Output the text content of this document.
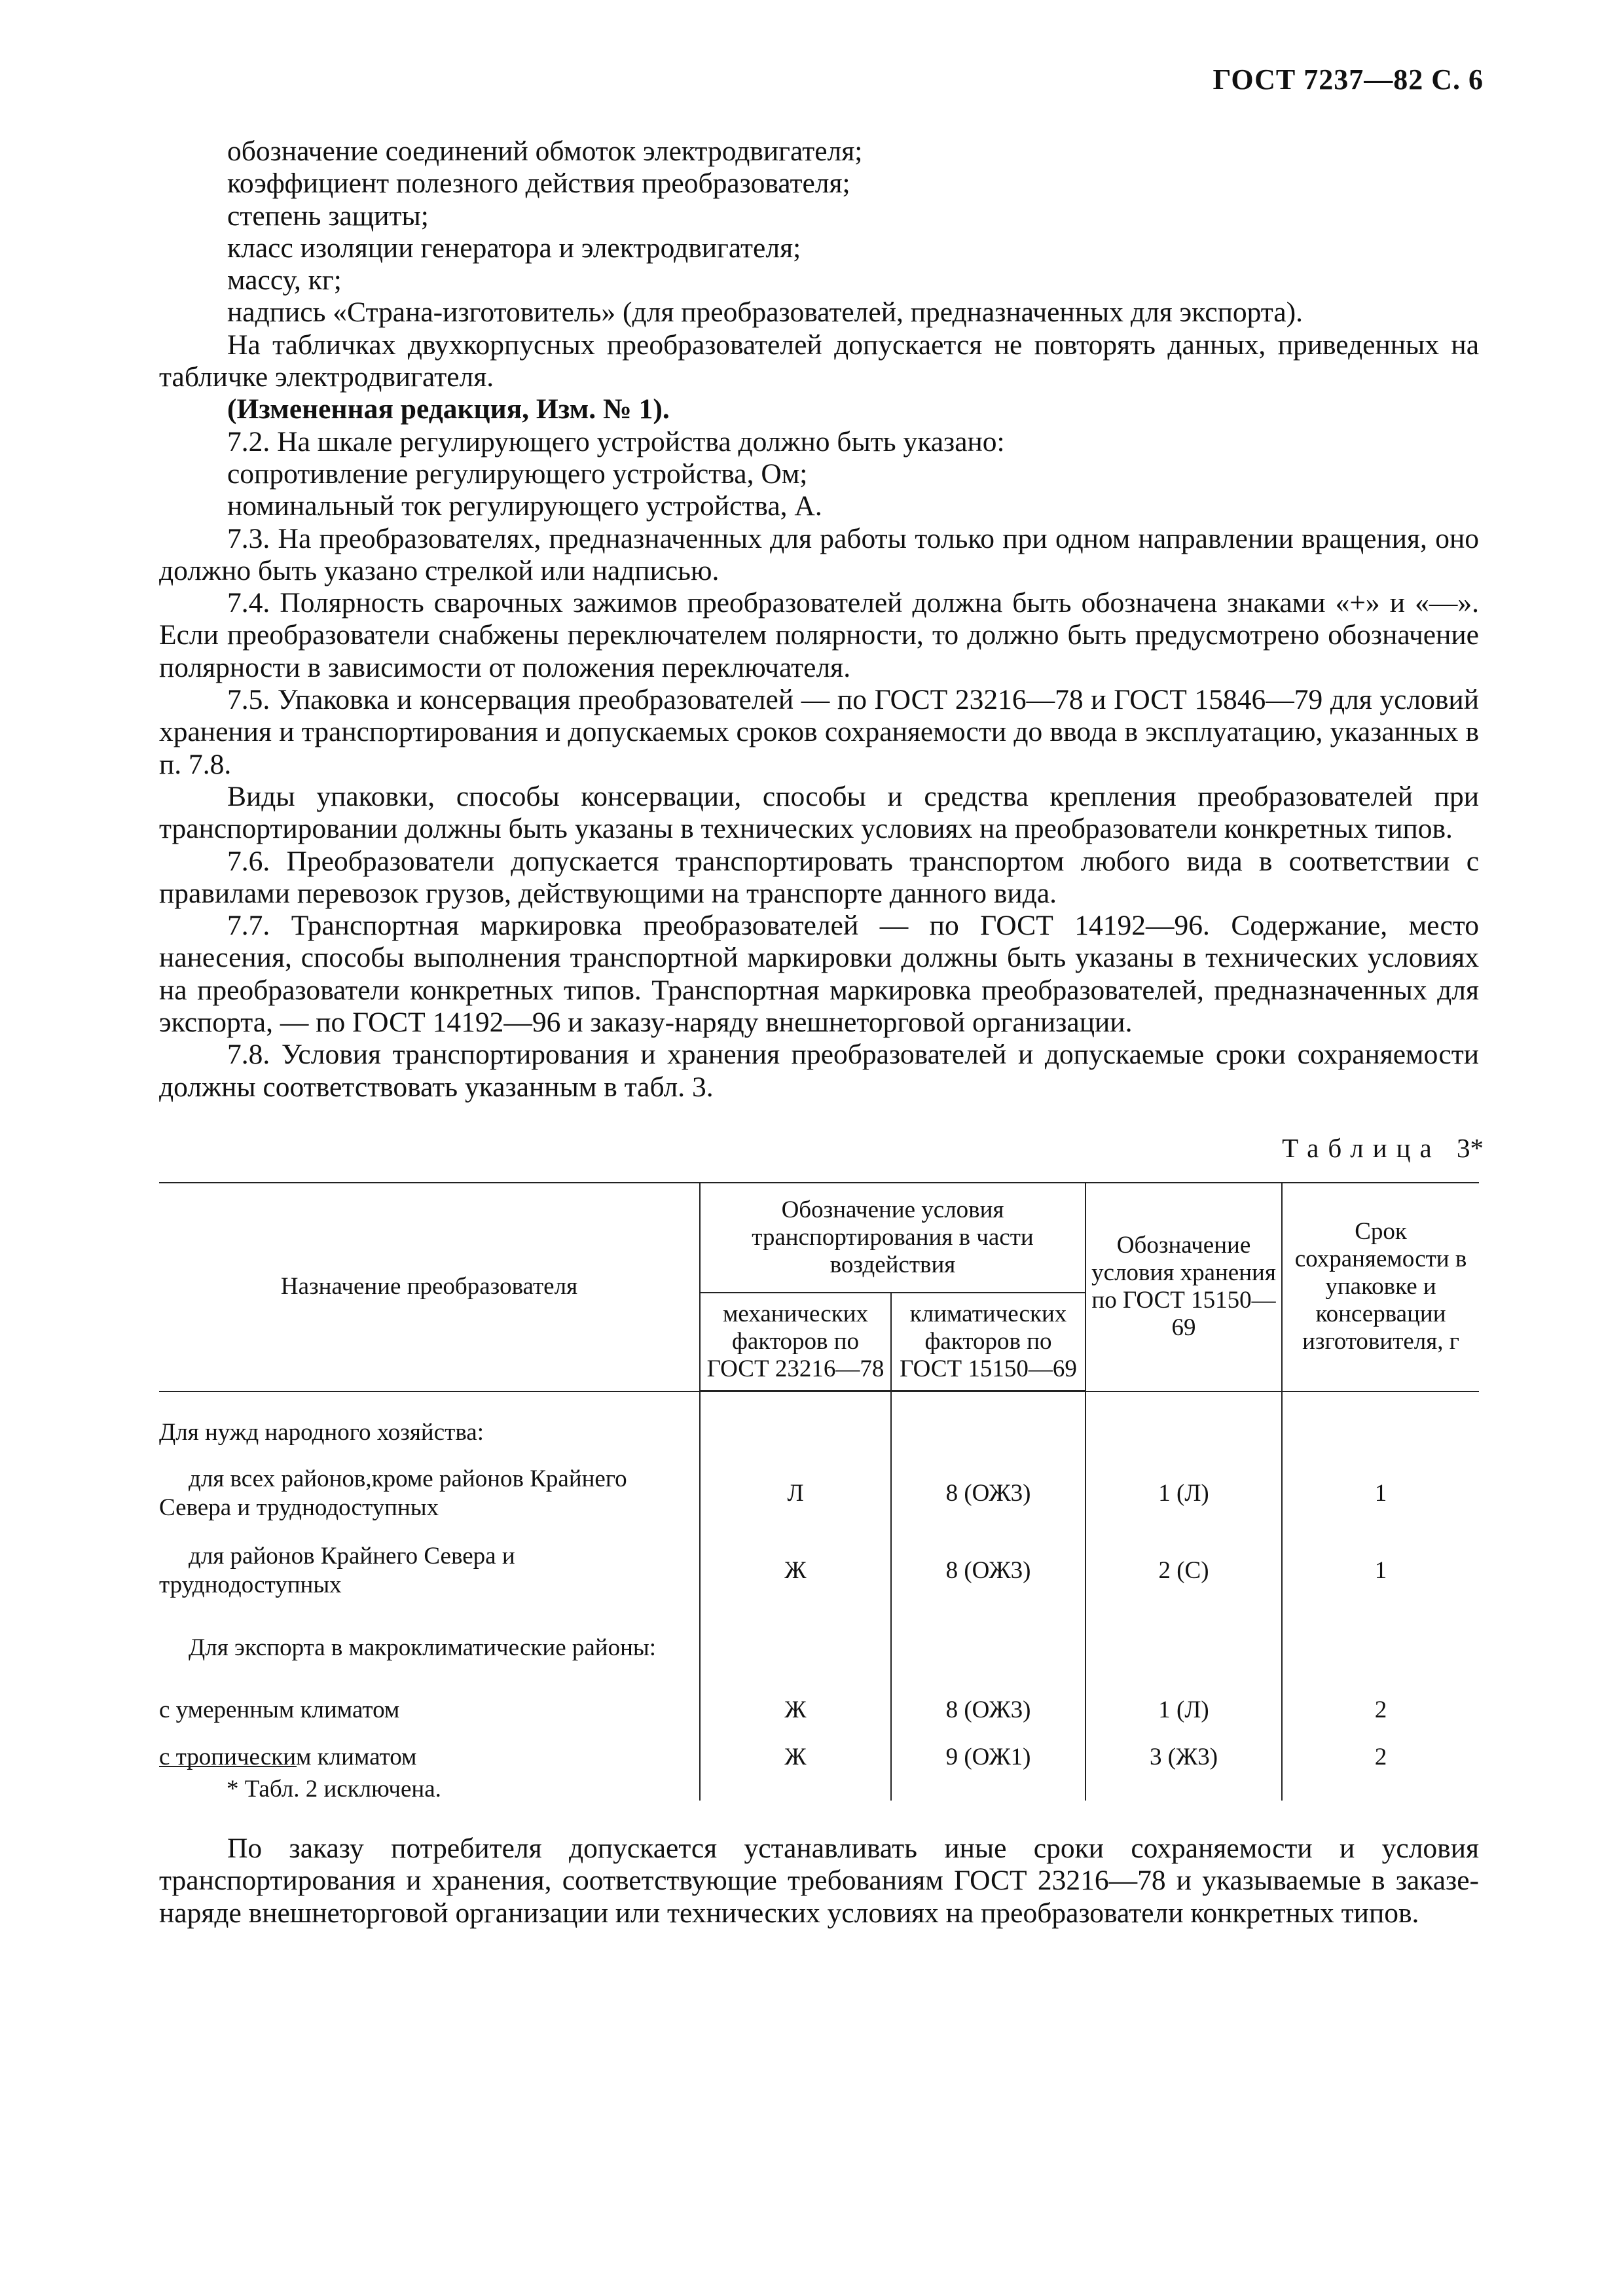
ГОСТ 7237—82 С. 6

обозначение соединений обмоток электродвигателя;

коэффициент полезного действия преобразователя;

степень защиты;

класс изоляции генератора и электродвигателя;

массу, кг;

надпись «Страна-изготовитель» (для преобразователей, предназначенных для экспорта).

На табличках двухкорпусных преобразователей допускается не повторять данных, приведенных на табличке электродвигателя.

(Измененная редакция, Изм. № 1).

7.2. На шкале регулирующего устройства должно быть указано:

сопротивление регулирующего устройства, Ом;

номинальный ток регулирующего устройства, А.

7.3. На преобразователях, предназначенных для работы только при одном направлении вращения, оно должно быть указано стрелкой или надписью.

7.4. Полярность сварочных зажимов преобразователей должна быть обозначена знаками «+» и «—». Если преобразователи снабжены переключателем полярности, то должно быть предусмотрено обозначение полярности в зависимости от положения переключателя.

7.5. Упаковка и консервация преобразователей — по ГОСТ 23216—78 и ГОСТ 15846—79 для условий хранения и транспортирования и допускаемых сроков сохраняемости до ввода в эксплуатацию, указанных в п. 7.8.

Виды упаковки, способы консервации, способы и средства крепления преобразователей при транспортировании должны быть указаны в технических условиях на преобразователи конкретных типов.

7.6. Преобразователи допускается транспортировать транспортом любого вида в соответствии с правилами перевозок грузов, действующими на транспорте данного вида.

7.7. Транспортная маркировка преобразователей — по ГОСТ 14192—96. Содержание, место нанесения, способы выполнения транспортной маркировки должны быть указаны в технических условиях на преобразователи конкретных типов. Транспортная маркировка преобразователей, предназначенных для экспорта, — по ГОСТ 14192—96 и заказу-наряду внешнеторговой организации.

7.8. Условия транспортирования и хранения преобразователей и допускаемые сроки сохраняемости должны соответствовать указанным в табл. 3.

Таблица 3*
Назначение преобразователя	Обозначение условия транспортирования в части воздействия		Обозначение условия хранения по ГОСТ 15150—69	Срок сохраняемости в упаковке и консервации изготовителя, г
	механических факторов по ГОСТ 23216—78	климатических факторов по ГОСТ 15150—69		

Для нужд народного хозяйства:				
для всех районов,кроме районов Крайнего Севера и труднодоступных	Л	8 (ОЖ3)	1 (Л)	1
для районов Крайнего Севера и труднодоступных	Ж	8 (ОЖ3)	2 (С)	1
Для экспорта в макроклиматические районы:				
с умеренным климатом	Ж	8 (ОЖ3)	1 (Л)	2
с тропическим климатом	Ж	9 (ОЖ1)	3 (Ж3)	2

* Табл. 2 исключена.

По заказу потребителя допускается устанавливать иные сроки сохраняемости и условия транспортирования и хранения, соответствующие требованиям ГОСТ 23216—78 и указываемые в заказе-наряде внешнеторговой организации или технических условиях на преобразователи конкретных типов.
